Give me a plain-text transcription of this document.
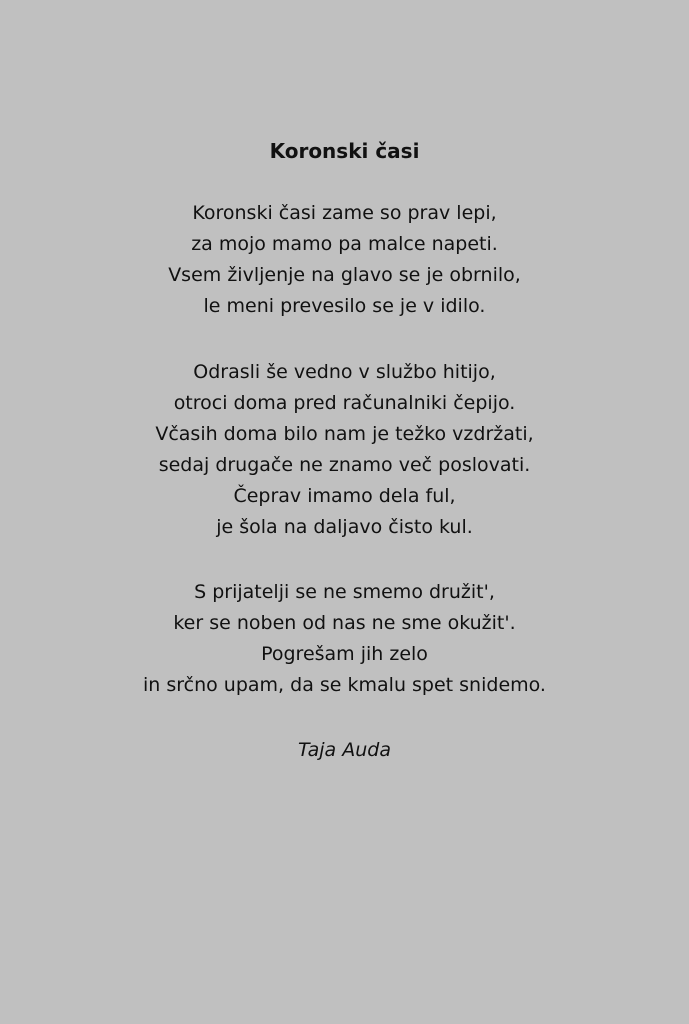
Koronski časi
Koronski časi zame so prav lepi,
za mojo mamo pa malce napeti.
Vsem življenje na glavo se je obrnilo,
le meni prevesilo se je v idilo.
Odrasli še vedno v službo hitijo,
otroci doma pred računalniki čepijo.
Včasih doma bilo nam je težko vzdržati,
sedaj drugače ne znamo več poslovati.
Čeprav imamo dela ful,
je šola na daljavo čisto kul.
S prijatelji se ne smemo družit',
ker se noben od nas ne sme okužit'.
Pogrešam jih zelo
in srčno upam, da se kmalu spet snidemo.
Taja Auda
